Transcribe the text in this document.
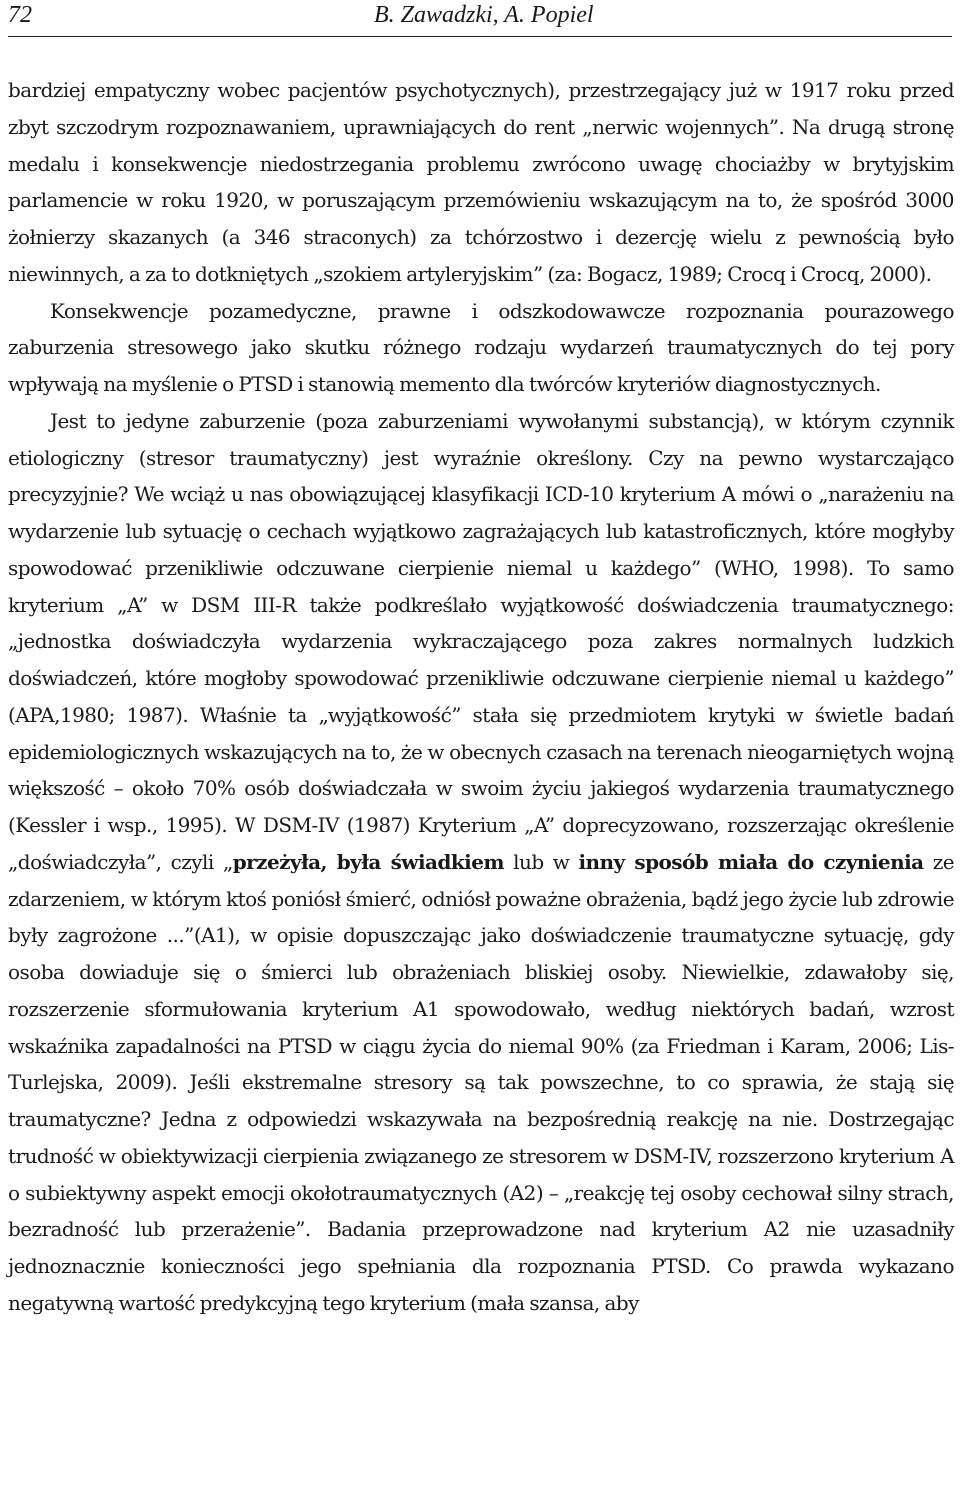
72	B. Zawadzki, A. Popiel

bardziej empatyczny wobec pacjentów psychotycznych), przestrzegający już w 1917 roku przed zbyt szczodrym rozpoznawaniem, uprawniających do rent „nerwic wojennych”. Na drugą stronę medalu i konsekwencje niedostrzegania problemu zwrócono uwagę chociażby w brytyjskim parlamencie w roku 1920, w poruszającym przemówieniu wskazującym na to, że spośród 3000 żołnierzy skazanych (a 346 straconych) za tchórzostwo i dezercję wielu z pewnością było niewinnych, a za to dotkniętych „szokiem artyleryjskim” (za: Bogacz, 1989; Crocq i Crocq, 2000).

Konsekwencje pozamedyczne, prawne i odszkodowawcze rozpoznania pourazowego zaburzenia stresowego jako skutku różnego rodzaju wydarzeń traumatycznych do tej pory wpływają na myślenie o PTSD i stanowią memento dla twórców kryteriów diagnostycznych.

Jest to jedyne zaburzenie (poza zaburzeniami wywołanymi substancją), w którym czynnik etiologiczny (stresor traumatyczny) jest wyraźnie określony. Czy na pewno wystarczająco precyzyjnie? We wciąż u nas obowiązującej klasyfikacji ICD-10 kryterium A mówi o „narażeniu na wydarzenie lub sytuację o cechach wyjątkowo zagrażających lub katastroficznych, które mogłyby spowodować przenikliwie odczuwane cierpienie niemal u każdego” (WHO, 1998). To samo kryterium „A” w DSM III-R także podkreślało wyjątkowość doświadczenia traumatycznego: „jednostka doświadczyła wydarzenia wykraczającego poza zakres normalnych ludzkich doświadczeń, które mogłoby spowodować przenikliwie odczuwane cierpienie niemal u każdego” (APA,1980; 1987). Właśnie ta „wyjątkowość” stała się przedmiotem krytyki w świetle badań epidemiologicznych wskazujących na to, że w obecnych czasach na terenach nieogarniętych wojną większość – około 70% osób doświadczała w swoim życiu jakiegoś wydarzenia traumatycznego (Kessler i wsp., 1995). W DSM-IV (1987) Kryterium „A” doprecyzowano, rozszerzając określenie „doświadczyła”, czyli „przeżyła, była świadkiem lub w inny sposób miała do czynienia ze zdarzeniem, w którym ktoś poniósł śmierć, odniósł poważne obrażenia, bądź jego życie lub zdrowie były zagrożone ...”(A1), w opisie dopuszczając jako doświadczenie traumatyczne sytuację, gdy osoba dowiaduje się o śmierci lub obrażeniach bliskiej osoby. Niewielkie, zdawałoby się, rozszerzenie sformułowania kryterium A1 spowodowało, według niektórych badań, wzrost wskaźnika zapadalności na PTSD w ciągu życia do niemal 90% (za Friedman i Karam, 2006; Lis-Turlejska, 2009). Jeśli ekstremalne stresory są tak powszechne, to co sprawia, że stają się traumatyczne? Jedna z odpowiedzi wskazywała na bezpośrednią reakcję na nie. Dostrzegając trudność w obiektywizacji cierpienia związanego ze stresorem w DSM-IV, rozszerzono kryterium A o subiektywny aspekt emocji okołotraumatycznych (A2) – „reakcję tej osoby cechował silny strach, bezradność lub przerażenie”. Badania przeprowadzone nad kryterium A2 nie uzasadniły jednoznacznie konieczności jego spełniania dla rozpoznania PTSD. Co prawda wykazano negatywną wartość predykcyjną tego kryterium (mała szansa, aby
